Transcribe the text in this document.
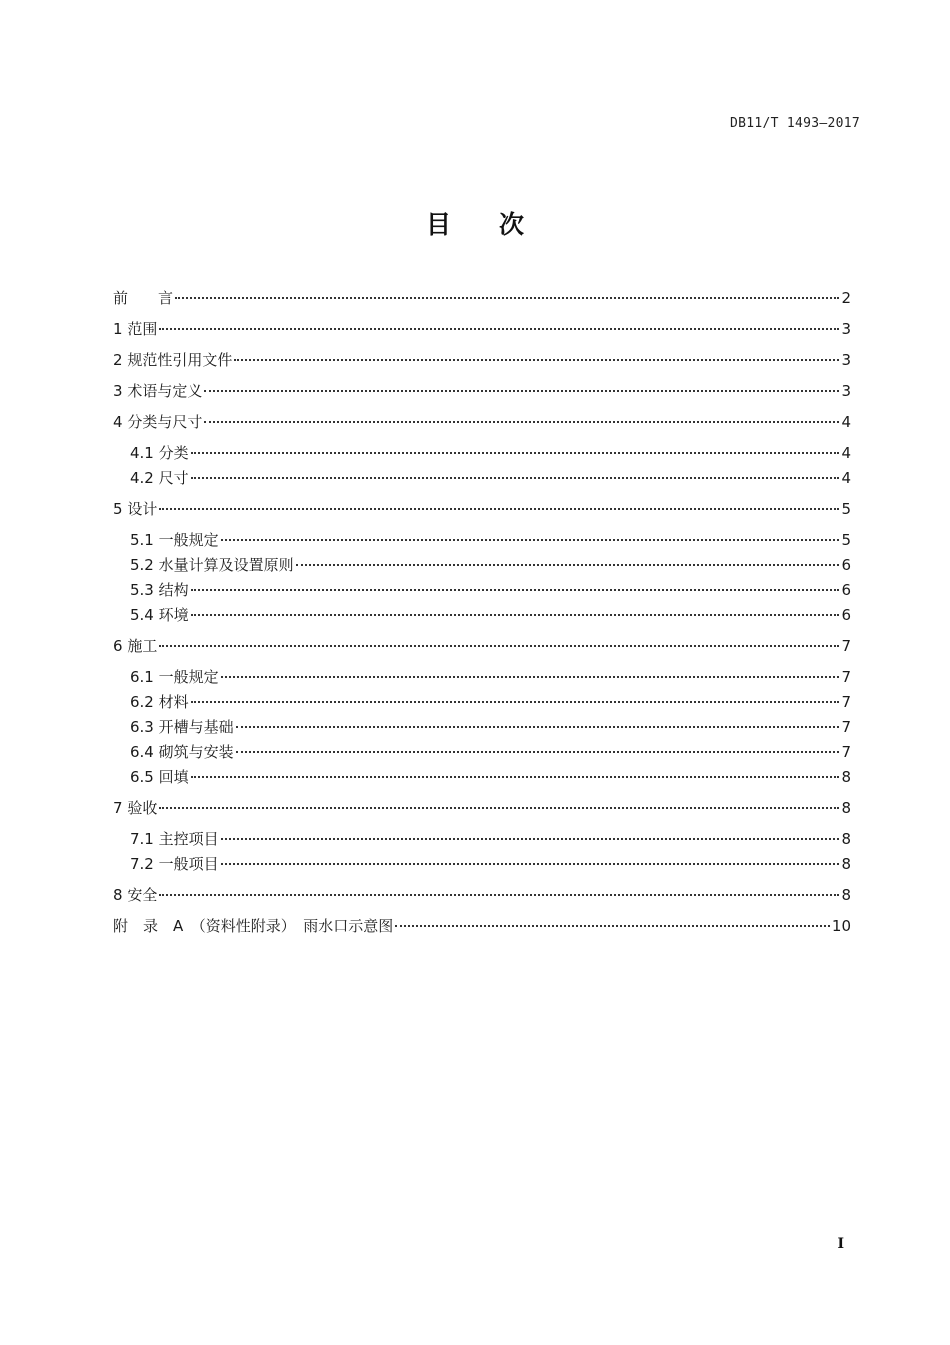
DB11/T 1493—2017
目 次
前　　言	2
1 范围	3
2 规范性引用文件	3
3 术语与定义	3
4 分类与尺寸	4
4.1 分类	4
4.2 尺寸	4
5 设计	5
5.1 一般规定	5
5.2 水量计算及设置原则	6
5.3 结构	6
5.4 环境	6
6 施工	7
6.1 一般规定	7
6.2 材料	7
6.3 开槽与基础	7
6.4 砌筑与安装	7
6.5 回填	8
7 验收	8
7.1 主控项目	8
7.2 一般项目	8
8 安全	8
附　录　A　（资料性附录）　雨水口示意图	10
I
